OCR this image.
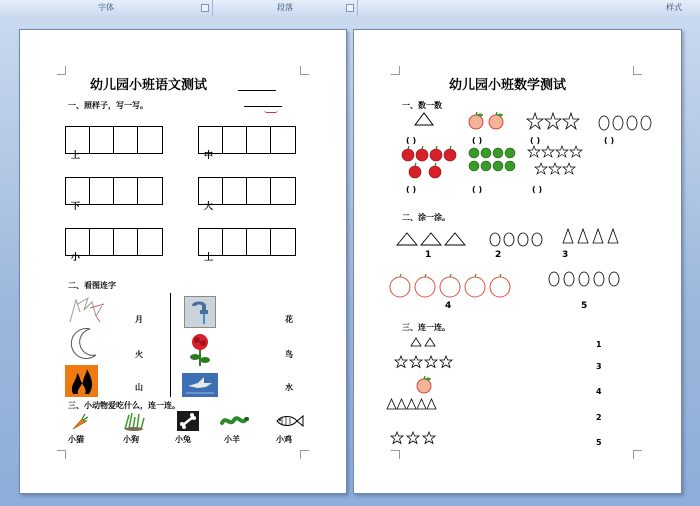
字体	段落	样式
幼儿园小班语文测试
一、照样子，写一写。
上	中
下	大
小	土
二、看图连字
月
火
山
花
鸟
水
三、小动物爱吃什么，连一连。
小猫	小狗	小兔	小羊	小鸡
幼儿园小班数学测试
一、数一数
( )
( )
( )
( )
( )
( )
( )
二、涂一涂。
1	2	3
4	5
三、连一连。
1
3
4
2
5
